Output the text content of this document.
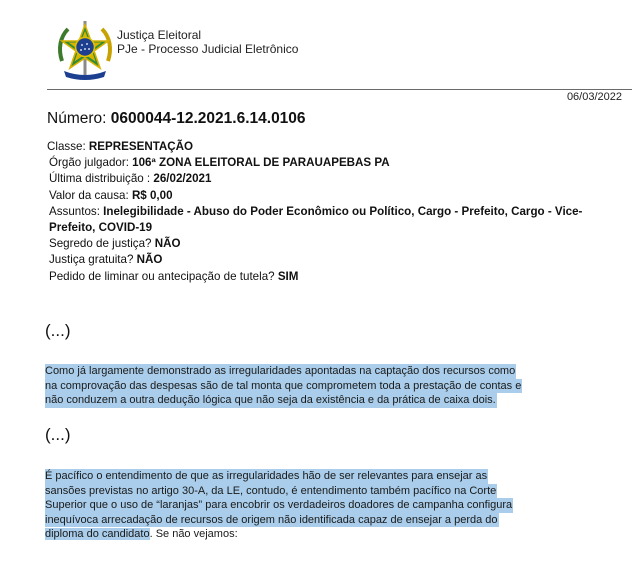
Justiça Eleitoral
PJe - Processo Judicial Eletrônico
06/03/2022
Número: 0600044-12.2021.6.14.0106
Classe: REPRESENTAÇÃO
Órgão julgador: 106ª ZONA ELEITORAL DE PARAUAPEBAS PA
Última distribuição : 26/02/2021
Valor da causa: R$ 0,00
Assuntos: Inelegibilidade - Abuso do Poder Econômico ou Político, Cargo - Prefeito, Cargo - Vice-Prefeito, COVID-19
Segredo de justiça? NÃO
Justiça gratuita? NÃO
Pedido de liminar ou antecipação de tutela? SIM
(...)
Como já largamente demonstrado as irregularidades apontadas na captação dos recursos como
na comprovação das despesas são de tal monta que comprometem toda a prestação de contas e
não conduzem a outra dedução lógica que não seja da existência e da prática de caixa dois.
(...)
É pacífico o entendimento de que as irregularidades hão de ser relevantes para ensejar as
sansões previstas no artigo 30-A, da LE, contudo, é entendimento também pacífico na Corte
Superior que o uso de “laranjas” para encobrir os verdadeiros doadores de campanha configura
inequívoca arrecadação de recursos de origem não identificada capaz de ensejar a perda do
diploma do candidato. Se não vejamos:
